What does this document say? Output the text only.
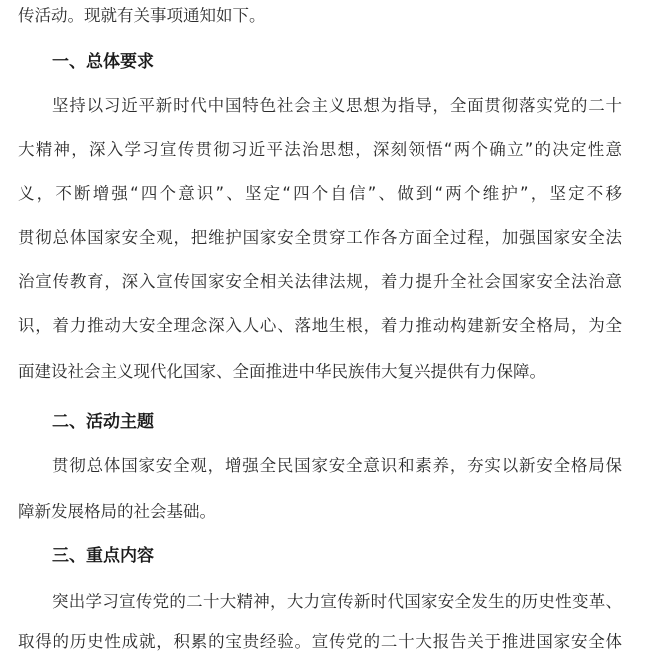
传活动。现就有关事项通知如下。
一、总体要求
坚持以习近平新时代中国特色社会主义思想为指导，全面贯彻落实党的二十
大精神，深入学习宣传贯彻习近平法治思想，深刻领悟“两个确立”的决定性意
义，不断增强“四个意识”、坚定“四个自信”、做到“两个维护”，坚定不移
贯彻总体国家安全观，把维护国家安全贯穿工作各方面全过程，加强国家安全法
治宣传教育，深入宣传国家安全相关法律法规，着力提升全社会国家安全法治意
识，着力推动大安全理念深入人心、落地生根，着力推动构建新安全格局，为全
面建设社会主义现代化国家、全面推进中华民族伟大复兴提供有力保障。
二、活动主题
贯彻总体国家安全观，增强全民国家安全意识和素养，夯实以新安全格局保
障新发展格局的社会基础。
三、重点内容
突出学习宣传党的二十大精神，大力宣传新时代国家安全发生的历史性变革、
取得的历史性成就，积累的宝贵经验。宣传党的二十大报告关于推进国家安全体
